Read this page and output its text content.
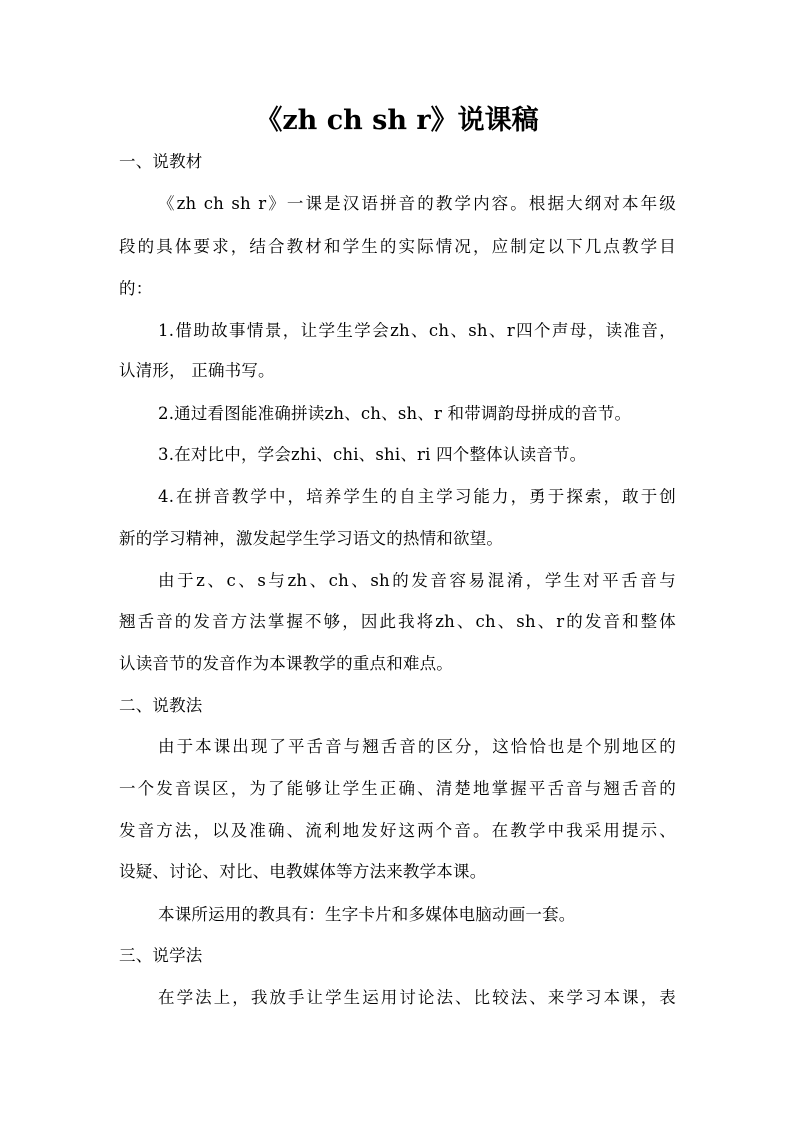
《zh ch sh r》说课稿
一、说教材
《zh ch sh r》一课是汉语拼音的教学内容。根据大纲对本年级
段的具体要求，结合教材和学生的实际情况，应制定以下几点教学目
的：
1.借助故事情景，让学生学会zh、ch、sh、r四个声母，读准音，
认清形， 正确书写。
2.通过看图能准确拼读zh、ch、sh、r 和带调韵母拼成的音节。
3.在对比中，学会zhi、chi、shi、ri 四个整体认读音节。
4.在拼音教学中，培养学生的自主学习能力，勇于探索，敢于创
新的学习精神，激发起学生学习语文的热情和欲望。
由于z、c、s与zh、ch、sh的发音容易混淆，学生对平舌音与
翘舌音的发音方法掌握不够，因此我将zh、ch、sh、r的发音和整体
认读音节的发音作为本课教学的重点和难点。
二、说教法
由于本课出现了平舌音与翘舌音的区分，这恰恰也是个别地区的
一个发音误区，为了能够让学生正确、清楚地掌握平舌音与翘舌音的
发音方法，以及准确、流利地发好这两个音。在教学中我采用提示、
设疑、讨论、对比、电教媒体等方法来教学本课。
本课所运用的教具有：生字卡片和多媒体电脑动画一套。
三、说学法
在学法上，我放手让学生运用讨论法、比较法、来学习本课，表
